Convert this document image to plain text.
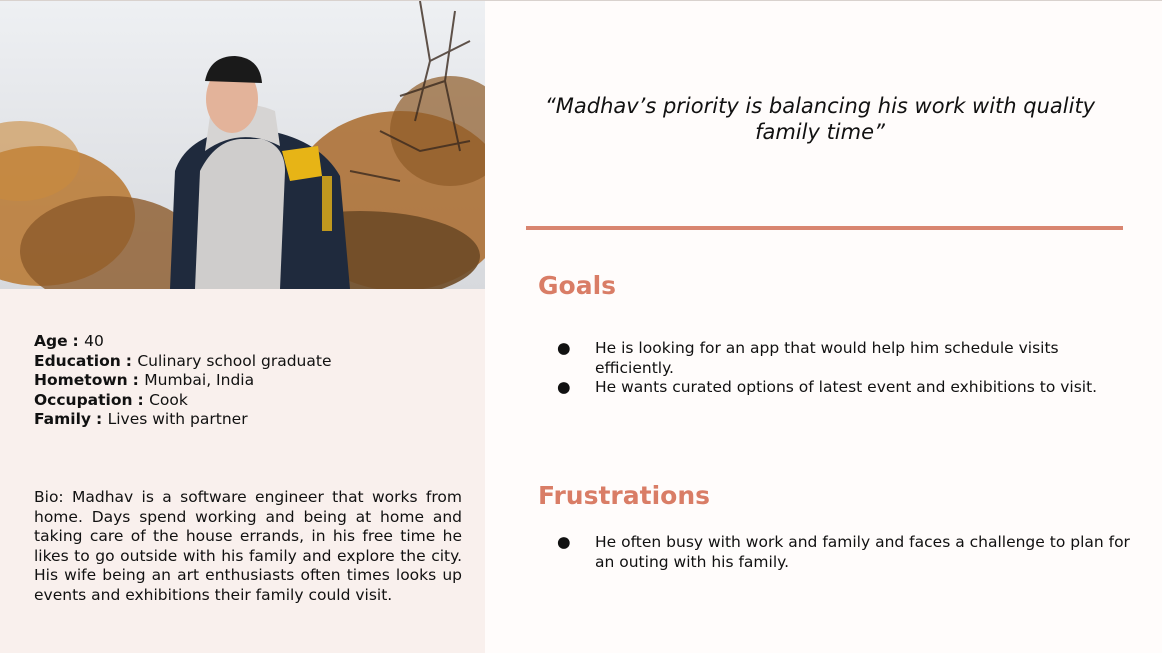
Age : 40
Education : Culinary school graduate
Hometown : Mumbai, India
Occupation : Cook
Family : Lives with partner

Bio: Madhav is a software engineer that works from home. Days spend working and being at home and taking care of the house errands, in his free time he likes to go outside with his family and explore the city. His wife being an art enthusiasts often times looks up events and exhibitions their family could visit.

“Madhav’s priority is balancing his work with quality family time”

Goals
● He is looking for an app that would help him schedule visits efficiently.
● He wants curated options of latest event and exhibitions to visit.
Frustrations
● He often busy with work and family and faces a challenge to plan for an outing with his family.
